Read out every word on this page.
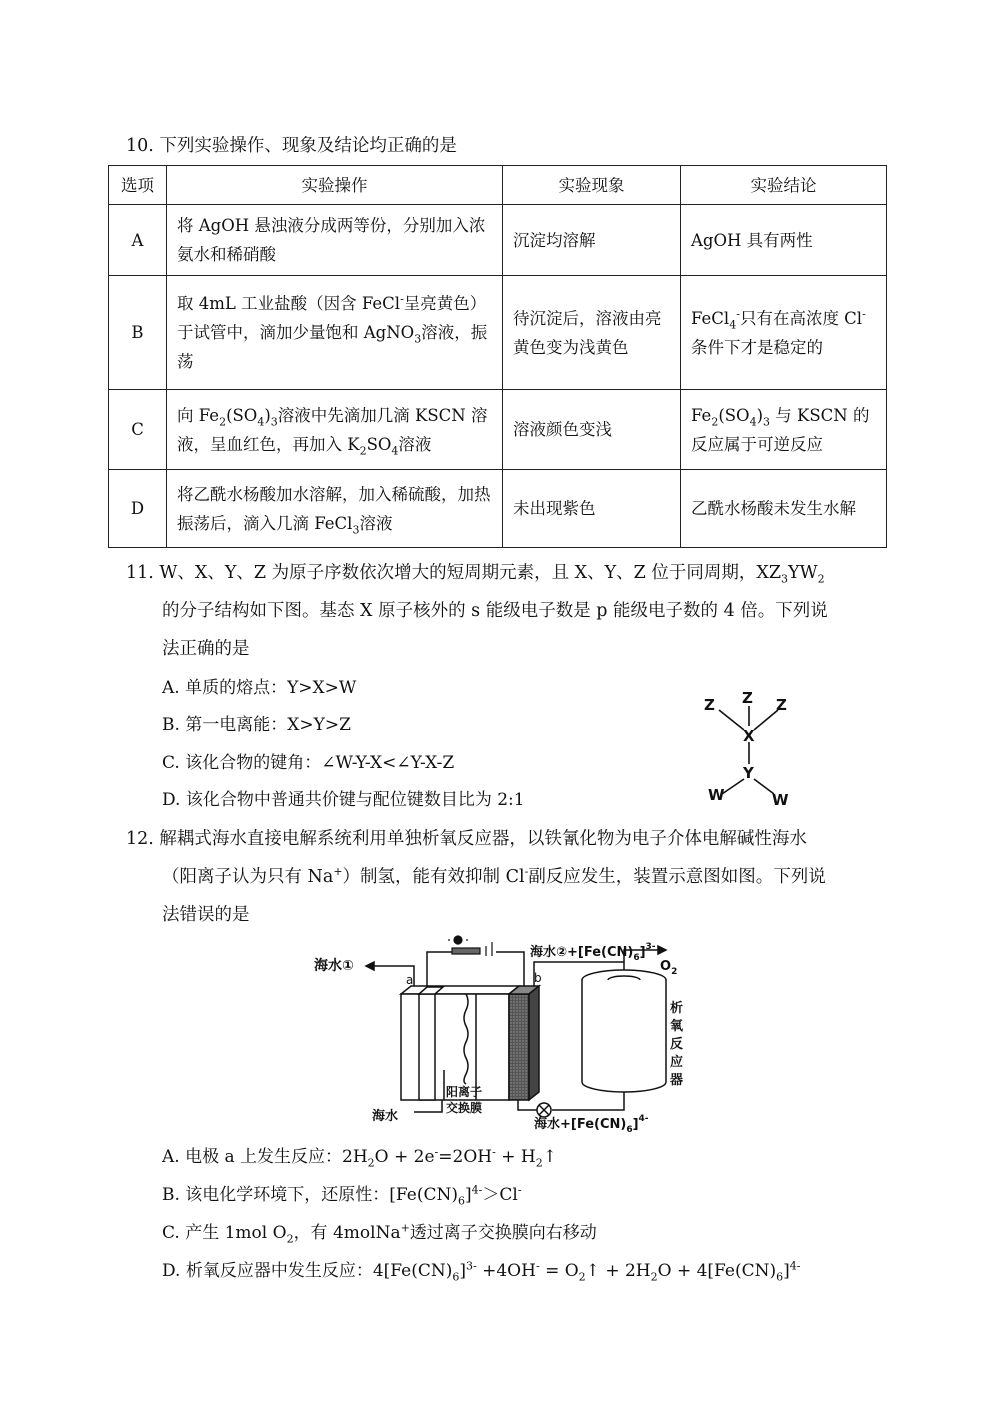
10. 下列实验操作、现象及结论均正确的是
选项	实验操作	实验现象	实验结论
A	将 AgOH 悬浊液分成两等份，分别加入浓氨水和稀硝酸	沉淀均溶解	AgOH 具有两性
B	取 4mL 工业盐酸（因含 FeCl-呈亮黄色）于试管中，滴加少量饱和 AgNO$_3$溶液，振荡	待沉淀后，溶液由亮黄色变为浅黄色	FeCl$_4$-只有在高浓度 Cl-条件下才是稳定的
C	向 $Fe_2(SO_4)_3$溶液中先滴加几滴 KSCN 溶液，呈血红色，再加入 $K_2SO_4$溶液	溶液颜色变浅	$Fe_2(SO_4)_3$ 与 KSCN 的反应属于可逆反应
D	将乙酰水杨酸加水溶解，加入稀硫酸，加热振荡后，滴入几滴 FeCl$_3$溶液	未出现紫色	乙酰水杨酸未发生水解
11. W、X、Y、Z 为原子序数依次增大的短周期元素，且 X、Y、Z 位于同周期，$XZ_3YW_2$
的分子结构如下图。基态 X 原子核外的 s 能级电子数是 p 能级电子数的 4 倍。下列说
法正确的是
A. 单质的熔点：Y>X>W
B. 第一电离能：X>Y>Z
C. 该化合物的键角：∠W-Y-X<∠Y-X-Z
D. 该化合物中普通共价键与配位键数目比为 2:1
Z Z Z
X
Y
W	W
12. 解耦式海水直接电解系统利用单独析氧反应器，以铁氰化物为电子介体电解碱性海水
（阳离子认为只有 Na+）制氢，能有效抑制 Cl-副反应发生，装置示意图如图。下列说
法错误的是
海水①
海水$②+[Fe(CN)_6]^{3-}$
$O_2$
a	b
阳离子
交换膜
海水
海水$+[Fe(CN)_6]^{4-}$
析
氧
反
应
器
A. 电极 a 上发生反应：$2H_2O + 2e^-=2OH^-$ + $H_2↑$
B. 该电化学环境下，还原性：$[Fe(CN)_6]^{4-}>Cl^-$
C. 产生 1mol $O_2$，有 4molNa+透过离子交换膜向右移动
D. 析氧反应器中发生反应：$4[Fe(CN)_6]^{3-} +4OH^-$ = $O_2↑ + 2H_2O + 4[Fe(CN)_6]^{4-}$
